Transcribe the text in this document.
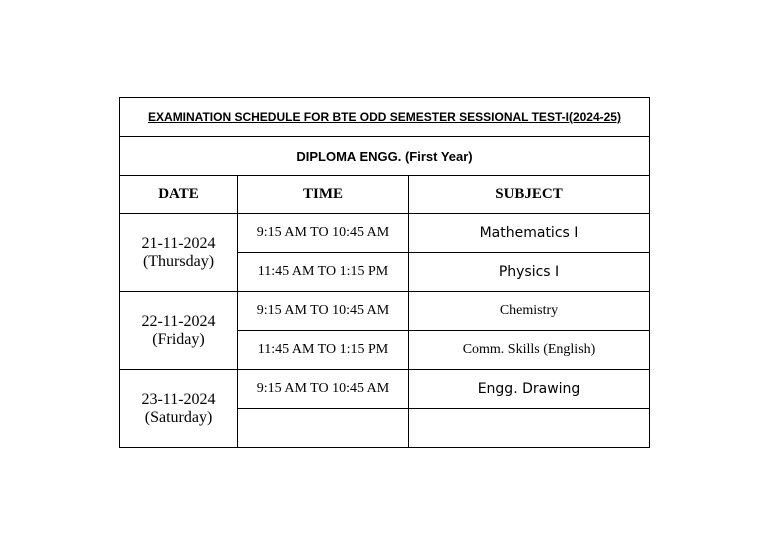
EXAMINATION SCHEDULE FOR BTE ODD SEMESTER SESSIONAL TEST-I(2024-25)		
DIPLOMA ENGG. (First Year)		
DATE	TIME	SUBJECT

21-11-2024
(Thursday)	9:15 AM TO 10:45 AM	Mathematics I
	11:45 AM TO 1:15 PM	Physics I

22-11-2024
(Friday)	9:15 AM TO 10:45 AM	Chemistry
	11:45 AM TO 1:15 PM	Comm. Skills (English)

23-11-2024
(Saturday)	9:15 AM TO 10:45 AM	Engg. Drawing
